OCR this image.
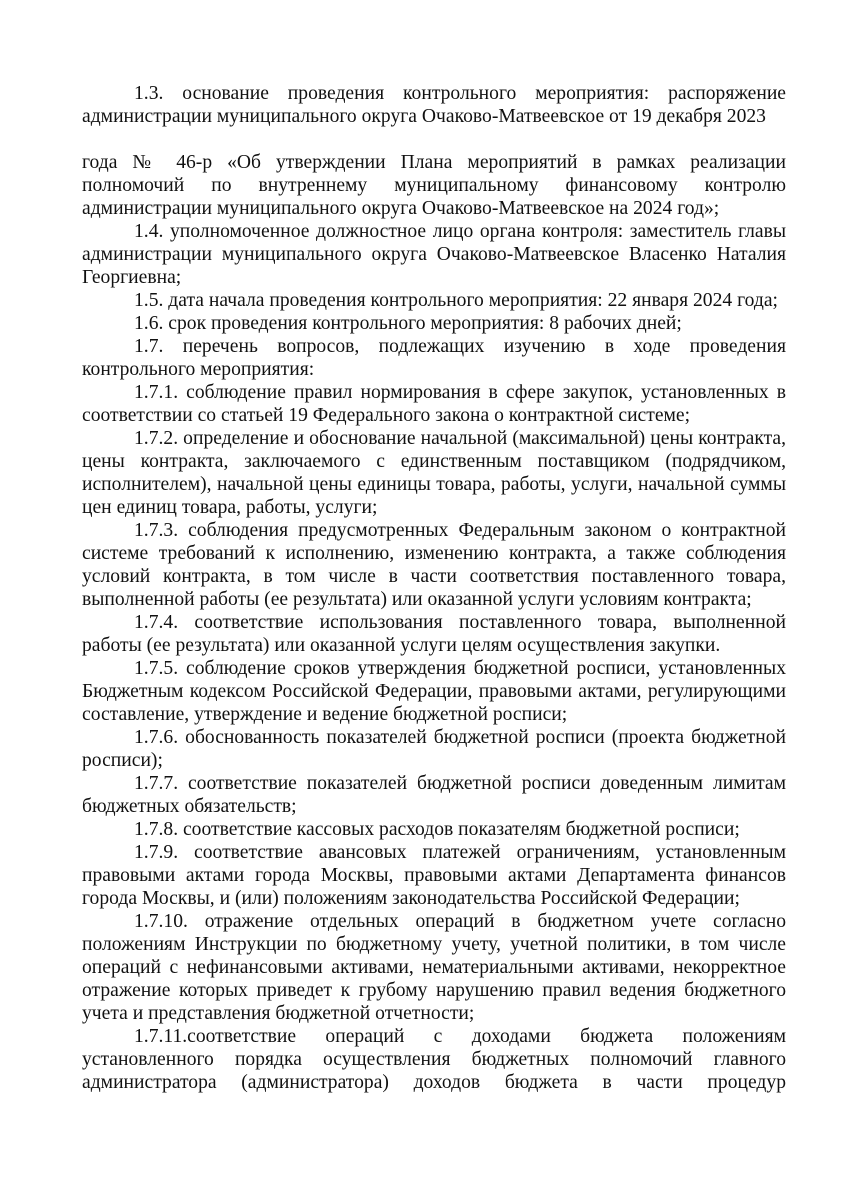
1.3. основание проведения контрольного мероприятия: распоряжение администрации муниципального округа Очаково-Матвеевское от 19 декабря 2023

года № 46-р «Об утверждении Плана мероприятий в рамках реализации полномочий по внутреннему муниципальному финансовому контролю администрации муниципального округа Очаково-Матвеевское на 2024 год»;

1.4. уполномоченное должностное лицо органа контроля: заместитель главы администрации муниципального округа Очаково-Матвеевское Власенко Наталия Георгиевна;

1.5. дата начала проведения контрольного мероприятия: 22 января 2024 года;

1.6. срок проведения контрольного мероприятия: 8 рабочих дней;

1.7. перечень вопросов, подлежащих изучению в ходе проведения контрольного мероприятия:

1.7.1. соблюдение правил нормирования в сфере закупок, установленных в соответствии со статьей 19 Федерального закона о контрактной системе;

1.7.2. определение и обоснование начальной (максимальной) цены контракта, цены контракта, заключаемого с единственным поставщиком (подрядчиком, исполнителем), начальной цены единицы товара, работы, услуги, начальной суммы цен единиц товара, работы, услуги;

1.7.3. соблюдения предусмотренных Федеральным законом о контрактной системе требований к исполнению, изменению контракта, а также соблюдения условий контракта, в том числе в части соответствия поставленного товара, выполненной работы (ее результата) или оказанной услуги условиям контракта;

1.7.4. соответствие использования поставленного товара, выполненной работы (ее результата) или оказанной услуги целям осуществления закупки.

1.7.5. соблюдение сроков утверждения бюджетной росписи, установленных Бюджетным кодексом Российской Федерации, правовыми актами, регулирующими составление, утверждение и ведение бюджетной росписи;

1.7.6. обоснованность показателей бюджетной росписи (проекта бюджетной росписи);

1.7.7. соответствие показателей бюджетной росписи доведенным лимитам бюджетных обязательств;

1.7.8. соответствие кассовых расходов показателям бюджетной росписи;

1.7.9. соответствие авансовых платежей ограничениям, установленным правовыми актами города Москвы, правовыми актами Департамента финансов города Москвы, и (или) положениям законодательства Российской Федерации;

1.7.10. отражение отдельных операций в бюджетном учете согласно положениям Инструкции по бюджетному учету, учетной политики, в том числе операций с нефинансовыми активами, нематериальными активами, некорректное отражение которых приведет к грубому нарушению правил ведения бюджетного учета и представления бюджетной отчетности;

1.7.11.соответствие операций с доходами бюджета положениям установленного порядка осуществления бюджетных полномочий главного администратора (администратора) доходов бюджета в части процедур
